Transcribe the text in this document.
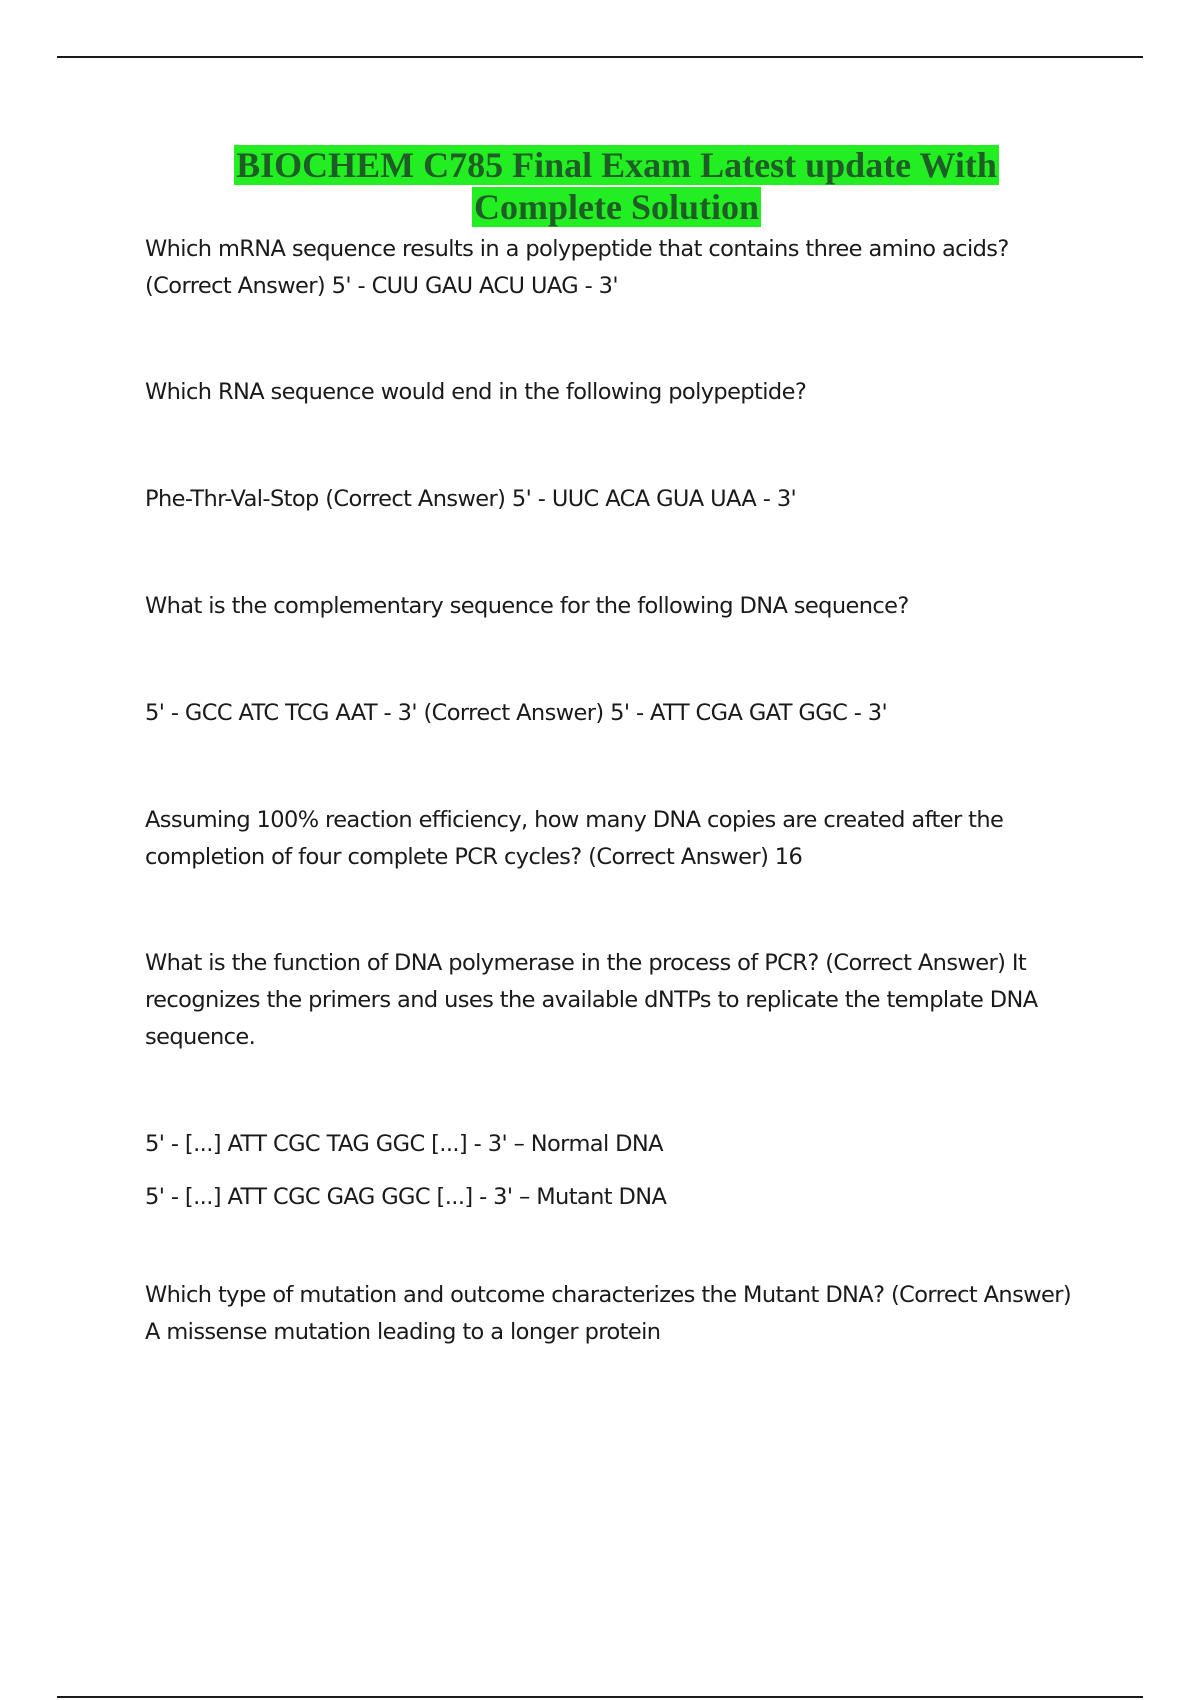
BIOCHEM C785 Final Exam Latest update With
Complete Solution

Which mRNA sequence results in a polypeptide that contains three amino acids? (Correct Answer) 5' - CUU GAU ACU UAG - 3'

Which RNA sequence would end in the following polypeptide?

Phe-Thr-Val-Stop (Correct Answer) 5' - UUC ACA GUA UAA - 3'

What is the complementary sequence for the following DNA sequence?

5' - GCC ATC TCG AAT - 3' (Correct Answer) 5' - ATT CGA GAT GGC - 3'

Assuming 100% reaction efficiency, how many DNA copies are created after the completion of four complete PCR cycles? (Correct Answer) 16

What is the function of DNA polymerase in the process of PCR? (Correct Answer) It recognizes the primers and uses the available dNTPs to replicate the template DNA sequence.

5' - [...] ATT CGC TAG GGC [...] - 3' – Normal DNA

5' - [...] ATT CGC GAG GGC [...] - 3' – Mutant DNA

Which type of mutation and outcome characterizes the Mutant DNA? (Correct Answer) A missense mutation leading to a longer protein
